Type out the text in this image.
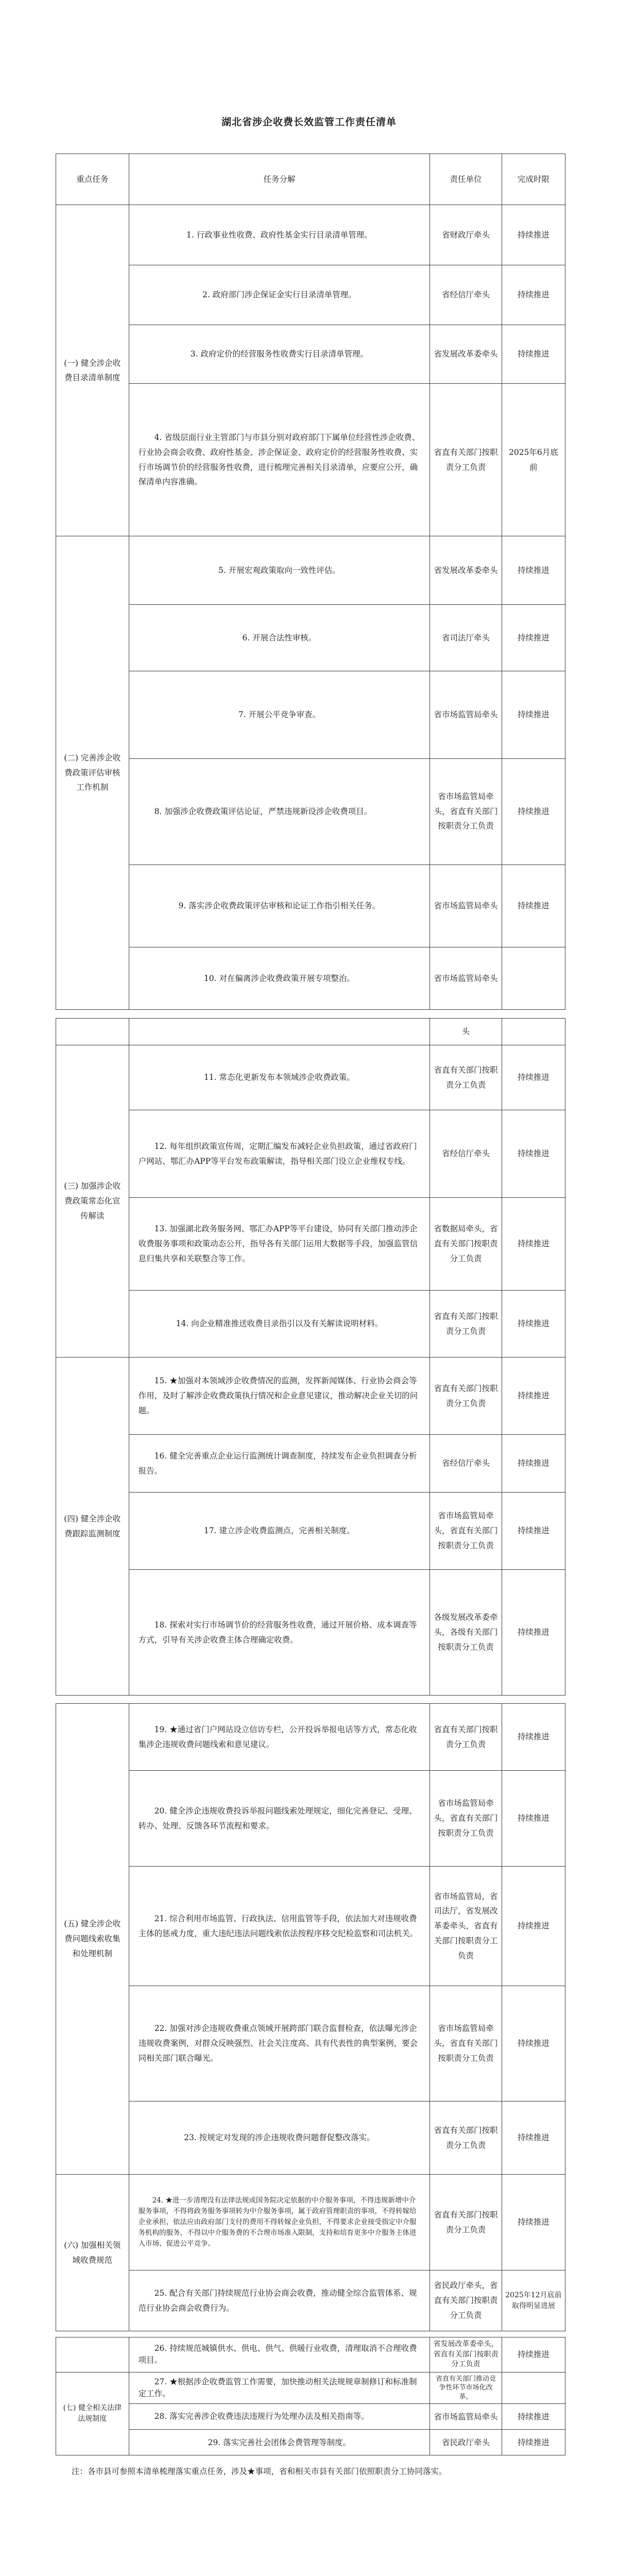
湖北省涉企收费长效监管工作责任清单
重点任务	任务分解	责任单位	完成时限
(一) 健全涉企收费目录清单制度	1. 行政事业性收费、政府性基金实行目录清单管理。	省财政厅牵头	持续推进
	2. 政府部门涉企保证金实行目录清单管理。	省经信厅牵头	持续推进
	3. 政府定价的经营服务性收费实行目录清单管理。	省发展改革委牵头	持续推进
	4. 省级层面行业主管部门与市县分别对政府部门下属单位经营性涉企收费、行业协会商会收费、政府性基金、涉企保证金、政府定价的经营服务性收费、实行市场调节价的经营服务性收费，进行梳理完善相关目录清单，应要应公开，确保清单内容准确。	省直有关部门按职责分工负责	2025年6月底前
(二) 完善涉企收费政策评估审核工作机制	5. 开展宏观政策取向一致性评估。	省发展改革委牵头	持续推进
	6. 开展合法性审核。	省司法厅牵头	持续推进
	7. 开展公平竞争审查。	省市场监管局牵头	持续推进
	8. 加强涉企收费政策评估论证，严禁违规新设涉企收费项目。	省市场监管局牵头，省直有关部门按职责分工负责	持续推进
	9. 落实涉企收费政策评估审核和论证工作指引相关任务。	省市场监管局牵头	持续推进
	10. 对在偏离涉企收费政策开展专项整治。	省市场监管局牵头	
		头	
(三) 加强涉企收费政策常态化宣传解读	11. 常态化更新发布本领域涉企收费政策。	省直有关部门按职责分工负责	持续推进
	12. 每年组织政策宣传周，定期汇编发布减轻企业负担政策，通过省政府门户网站、鄂汇办APP等平台发布政策解读，指导相关部门设立企业维权专线。	省经信厅牵头	持续推进
	13. 加强湖北政务服务网、鄂汇办APP等平台建设，协同有关部门推动涉企收费服务事项和政策动态公开，指导各有关部门运用大数据等手段，加强监管信息归集共享和关联整合等工作。	省数据局牵头，省直有关部门按职责分工负责	持续推进
	14. 向企业精准推送收费目录指引以及有关解读说明材料。	省直有关部门按职责分工负责	持续推进
(四) 健全涉企收费跟踪监测制度	15. ★加强对本领域涉企收费情况的监测，发挥新闻媒体、行业协会商会等作用，及时了解涉企收费政策执行情况和企业意见建议，推动解决企业关切的问题。	省直有关部门按职责分工负责	持续推进
	16. 健全完善重点企业运行监测统计调查制度，持续发布企业负担调查分析报告。	省经信厅牵头	持续推进
	17. 建立涉企收费监测点，完善相关制度。	省市场监管局牵头，省直有关部门按职责分工负责	持续推进
	18. 探索对实行市场调节价的经营服务性收费，通过开展价格、成本调查等方式，引导有关涉企收费主体合理确定收费。	各级发展改革委牵头，各级有关部门按职责分工负责	持续推进
(五) 健全涉企收费问题线索收集和处理机制	19. ★通过省门户网站设立信访专栏，公开投诉举报电话等方式，常态化收集涉企违规收费问题线索和意见建议。	省直有关部门按职责分工负责	持续推进
	20. 健全涉企违规收费投诉举报问题线索处理规定，细化完善登记、受理、转办、处理、反馈各环节流程和要求。	省市场监管局牵头，省直有关部门按职责分工负责	持续推进
	21. 综合利用市场监管、行政执法、信用监管等手段，依法加大对违规收费主体的惩戒力度，重大违纪违法问题线索依法按程序移交纪检监察和司法机关。	省市场监管局，省司法厅，省发展改革委牵头，省直有关部门按职责分工负责	持续推进
	22. 加强对涉企违规收费重点领域开展跨部门联合监督检查，依法曝光涉企违规收费案例，对群众反映强烈、社会关注度高、具有代表性的典型案例，要会同相关部门联合曝光。	省市场监管局牵头，省直有关部门按职责分工负责	持续推进
	23. 按规定对发现的涉企违规收费问题督促整改落实。	省直有关部门按职责分工负责	持续推进
(六) 加强相关领域收费规范	24. ★进一步清理没有法律法规或国务院决定依据的中介服务事项，不得违规新增中介服务事项，不得将政务服务事项转为中介服务事项，属于政府管理职责的事项，不得转嫁给企业承担，依法应由政府部门支付的费用不得转嫁企业负担，不得要求企业接受指定中介服务机构的服务，不得以中介服务费的不合理市场准入限制，支持和培育更多中介服务主体进入市场、促进公平竞争。	省直有关部门按职责分工负责	持续推进
	25. 配合有关部门持续规范行业协会商会收费，推动健全综合监管体系、规范行业协会商会收费行为。	省民政厅牵头，省直有关部门按职责分工负责	2025年12月底前取得明显进展
	26. 持续规范城镇供水、供电、供气、供暖行业收费，清理取消不合理收费项目。	省发展改革委牵头，省直有关部门按职责分工负责	持续推进
(七) 健全相关法律法规制度	27. ★根据涉企收费监管工作需要，加快推动相关法规规章制修订和标准制定工作。	省直有关部门推动竞争性环节市场化改革。	
	28. 落实完善涉企收费违法违规行为处理办法及相关指南等。	省市场监管局牵头	持续推进
	29. 落实完善社会团体会费管理等制度。	省民政厅牵头	持续推进
注：各市县可参照本清单梳理落实重点任务，涉及★事项，省和相关市县有关部门依照职责分工协同落实。
